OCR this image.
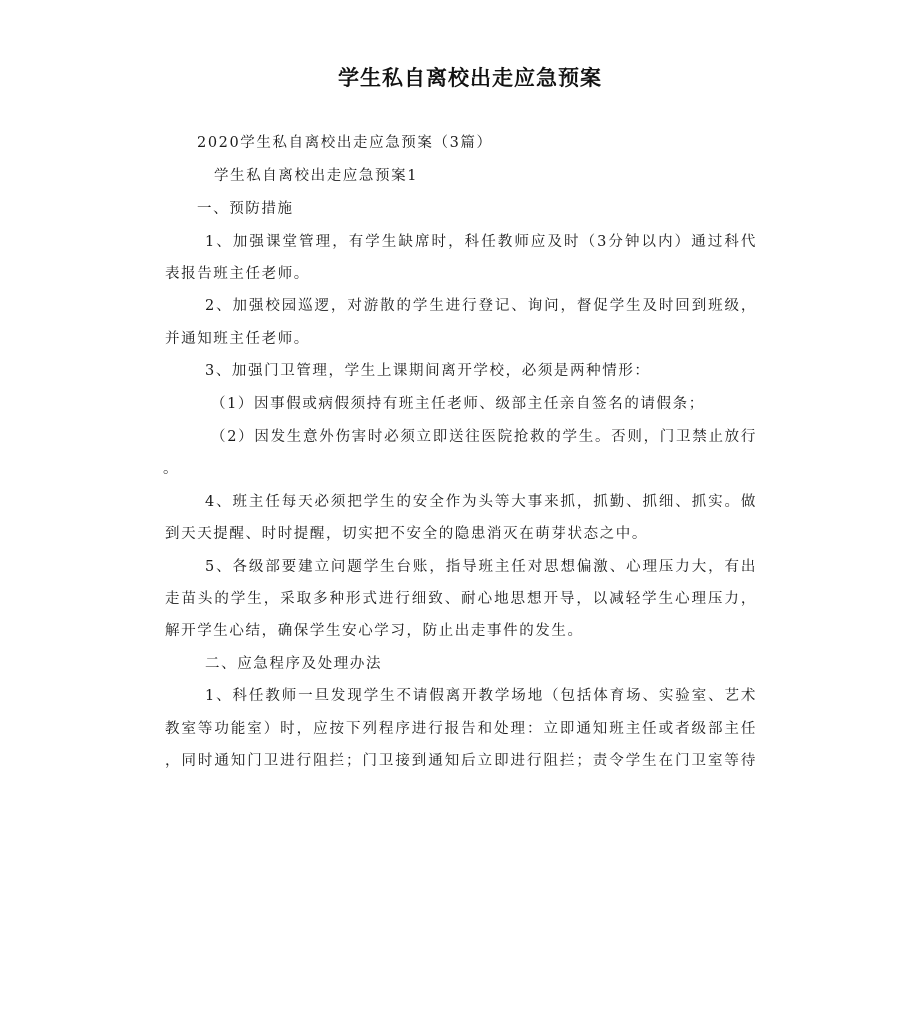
学生私自离校出走应急预案
2020学生私自离校出走应急预案（3篇）
学生私自离校出走应急预案1
一、预防措施
1、加强课堂管理，有学生缺席时，科任教师应及时（3分钟以内）通过科代
表报告班主任老师。
2、加强校园巡逻，对游散的学生进行登记、询问，督促学生及时回到班级，
并通知班主任老师。
3、加强门卫管理，学生上课期间离开学校，必须是两种情形：
（1）因事假或病假须持有班主任老师、级部主任亲自签名的请假条；
（2）因发生意外伤害时必须立即送往医院抢救的学生。否则，门卫禁止放行
。
4、班主任每天必须把学生的安全作为头等大事来抓，抓勤、抓细、抓实。做
到天天提醒、时时提醒，切实把不安全的隐患消灭在萌芽状态之中。
5、各级部要建立问题学生台账，指导班主任对思想偏激、心理压力大，有出
走苗头的学生，采取多种形式进行细致、耐心地思想开导，以减轻学生心理压力，
解开学生心结，确保学生安心学习，防止出走事件的发生。
二、应急程序及处理办法
1、科任教师一旦发现学生不请假离开教学场地（包括体育场、实验室、艺术
教室等功能室）时，应按下列程序进行报告和处理：立即通知班主任或者级部主任
，同时通知门卫进行阻拦；门卫接到通知后立即进行阻拦；责令学生在门卫室等待
